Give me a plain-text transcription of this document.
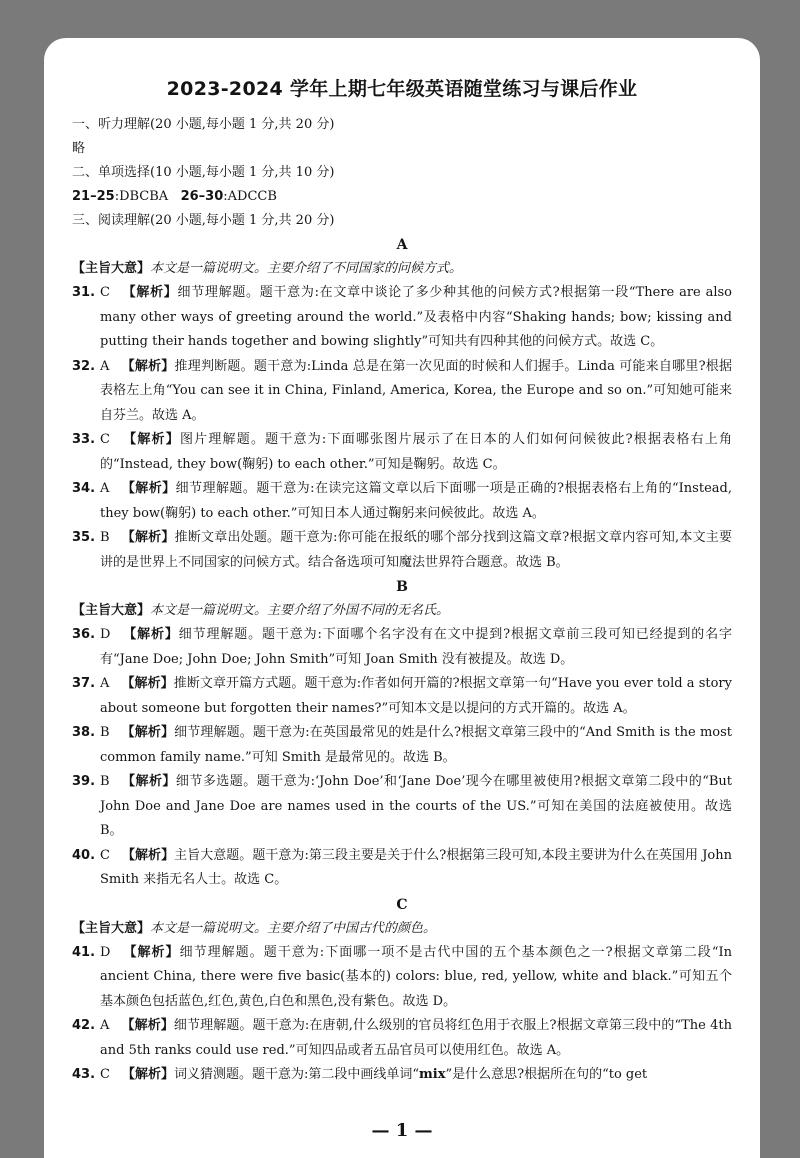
2023-2024 学年上期七年级英语随堂练习与课后作业
一、听力理解(20 小题,每小题 1 分,共 20 分)
略
二、单项选择(10 小题,每小题 1 分,共 10 分)
21–25:DBCBA 26–30:ADCCB
三、阅读理解(20 小题,每小题 1 分,共 20 分)
A
【主旨大意】本文是一篇说明文。主要介绍了不同国家的问候方式。
31. C 【解析】细节理解题。题干意为:在文章中谈论了多少种其他的问候方式?根据第一段“There are also many other ways of greeting around the world.”及表格中内容“Shaking hands; bow; kissing and putting their hands together and bowing slightly”可知共有四种其他的问候方式。故选 C。
32. A 【解析】推理判断题。题干意为:Linda 总是在第一次见面的时候和人们握手。Linda 可能来自哪里?根据表格左上角“You can see it in China, Finland, America, Korea, the Europe and so on.”可知她可能来自芬兰。故选 A。
33. C 【解析】图片理解题。题干意为:下面哪张图片展示了在日本的人们如何问候彼此?根据表格右上角的“Instead, they bow(鞠躬) to each other.”可知是鞠躬。故选 C。
34. A 【解析】细节理解题。题干意为:在读完这篇文章以后下面哪一项是正确的?根据表格右上角的“Instead, they bow(鞠躬) to each other.”可知日本人通过鞠躬来问候彼此。故选 A。
35. B 【解析】推断文章出处题。题干意为:你可能在报纸的哪个部分找到这篇文章?根据文章内容可知,本文主要讲的是世界上不同国家的问候方式。结合备选项可知魔法世界符合题意。故选 B。
B
【主旨大意】本文是一篇说明文。主要介绍了外国不同的无名氏。
36. D 【解析】细节理解题。题干意为:下面哪个名字没有在文中提到?根据文章前三段可知已经提到的名字有“Jane Doe; John Doe; John Smith”可知 Joan Smith 没有被提及。故选 D。
37. A 【解析】推断文章开篇方式题。题干意为:作者如何开篇的?根据文章第一句“Have you ever told a story about someone but forgotten their names?”可知本文是以提问的方式开篇的。故选 A。
38. B 【解析】细节理解题。题干意为:在英国最常见的姓是什么?根据文章第三段中的“And Smith is the most common family name.”可知 Smith 是最常见的。故选 B。
39. B 【解析】细节多选题。题干意为:‘John Doe’和‘Jane Doe’现今在哪里被使用?根据文章第二段中的“But John Doe and Jane Doe are names used in the courts of the US.”可知在美国的法庭被使用。故选 B。
40. C 【解析】主旨大意题。题干意为:第三段主要是关于什么?根据第三段可知,本段主要讲为什么在英国用 John Smith 来指无名人士。故选 C。
C
【主旨大意】本文是一篇说明文。主要介绍了中国古代的颜色。
41. D 【解析】细节理解题。题干意为:下面哪一项不是古代中国的五个基本颜色之一?根据文章第二段“In ancient China, there were five basic(基本的) colors: blue, red, yellow, white and black.”可知五个基本颜色包括蓝色,红色,黄色,白色和黑色,没有紫色。故选 D。
42. A 【解析】细节理解题。题干意为:在唐朝,什么级别的官员将红色用于衣服上?根据文章第三段中的“The 4th and 5th ranks could use red.”可知四品或者五品官员可以使用红色。故选 A。
43. C 【解析】词义猜测题。题干意为:第二段中画线单词“mix”是什么意思?根据所在句的“to get
— 1 —
